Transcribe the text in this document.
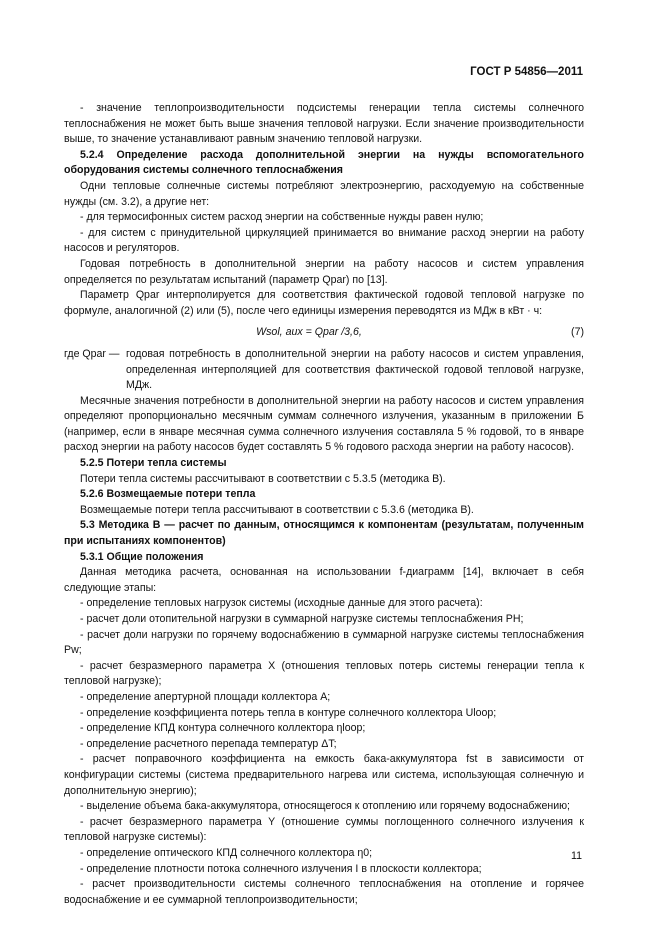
ГОСТ Р 54856—2011

- значение теплопроизводительности подсистемы генерации тепла системы солнечного теплоснабжения не может быть выше значения тепловой нагрузки. Если значение производительности выше, то значение устанавливают равным значению тепловой нагрузки.

5.2.4 Определение расхода дополнительной энергии на нужды вспомогательного оборудования системы солнечного теплоснабжения

Одни тепловые солнечные системы потребляют электроэнергию, расходуемую на собственные нужды (см. 3.2), а другие нет:

- для термосифонных систем расход энергии на собственные нужды равен нулю;

- для систем с принудительной циркуляцией принимается во внимание расход энергии на работу насосов и регуляторов.

Годовая потребность в дополнительной энергии на работу насосов и систем управления определяется по результатам испытаний (параметр Qpar) по [13].

Параметр Qpar интерполируется для соответствия фактической годовой тепловой нагрузке по формуле, аналогичной (2) или (5), после чего единицы измерения переводятся из МДж в кВт · ч:

Wsol, aux = Qpar /3,6,	(7)
где Qpar — годовая потребность в дополнительной энергии на работу насосов и систем управления, определенная интерполяцией для соответствия фактической годовой тепловой нагрузке, МДж.

Месячные значения потребности в дополнительной энергии на работу насосов и систем управления определяют пропорционально месячным суммам солнечного излучения, указанным в приложении Б (например, если в январе месячная сумма солнечного излучения составляла 5 % годовой, то в январе расход энергии на работу насосов будет составлять 5 % годового расхода энергии на работу насосов).

5.2.5 Потери тепла системы

Потери тепла системы рассчитывают в соответствии с 5.3.5 (методика В).

5.2.6 Возмещаемые потери тепла

Возмещаемые потери тепла рассчитывают в соответствии с 5.3.6 (методика В).

5.3 Методика В — расчет по данным, относящимся к компонентам (результатам, полученным при испытаниях компонентов)

5.3.1 Общие положения

Данная методика расчета, основанная на использовании f-диаграмм [14], включает в себя следующие этапы:

- определение тепловых нагрузок системы (исходные данные для этого расчета):

- расчет доли отопительной нагрузки в суммарной нагрузке системы теплоснабжения PH;

- расчет доли нагрузки по горячему водоснабжению в суммарной нагрузке системы теплоснабжения Pw;

- расчет безразмерного параметра X (отношения тепловых потерь системы генерации тепла к тепловой нагрузке);

- определение апертурной площади коллектора A;

- определение коэффициента потерь тепла в контуре солнечного коллектора Uloop;

- определение КПД контура солнечного коллектора ηloop;

- определение расчетного перепада температур ΔT;

- расчет поправочного коэффициента на емкость бака-аккумулятора fst в зависимости от конфигурации системы (система предварительного нагрева или система, использующая солнечную и дополнительную энергию);

- выделение объема бака-аккумулятора, относящегося к отоплению или горячему водоснабжению;

- расчет безразмерного параметра Y (отношение суммы поглощенного солнечного излучения к тепловой нагрузке системы):

- определение оптического КПД солнечного коллектора η0;

- определение плотности потока солнечного излучения I в плоскости коллектора;

- расчет производительности системы солнечного теплоснабжения на отопление и горячее водоснабжение и ее суммарной теплопроизводительности;

11
